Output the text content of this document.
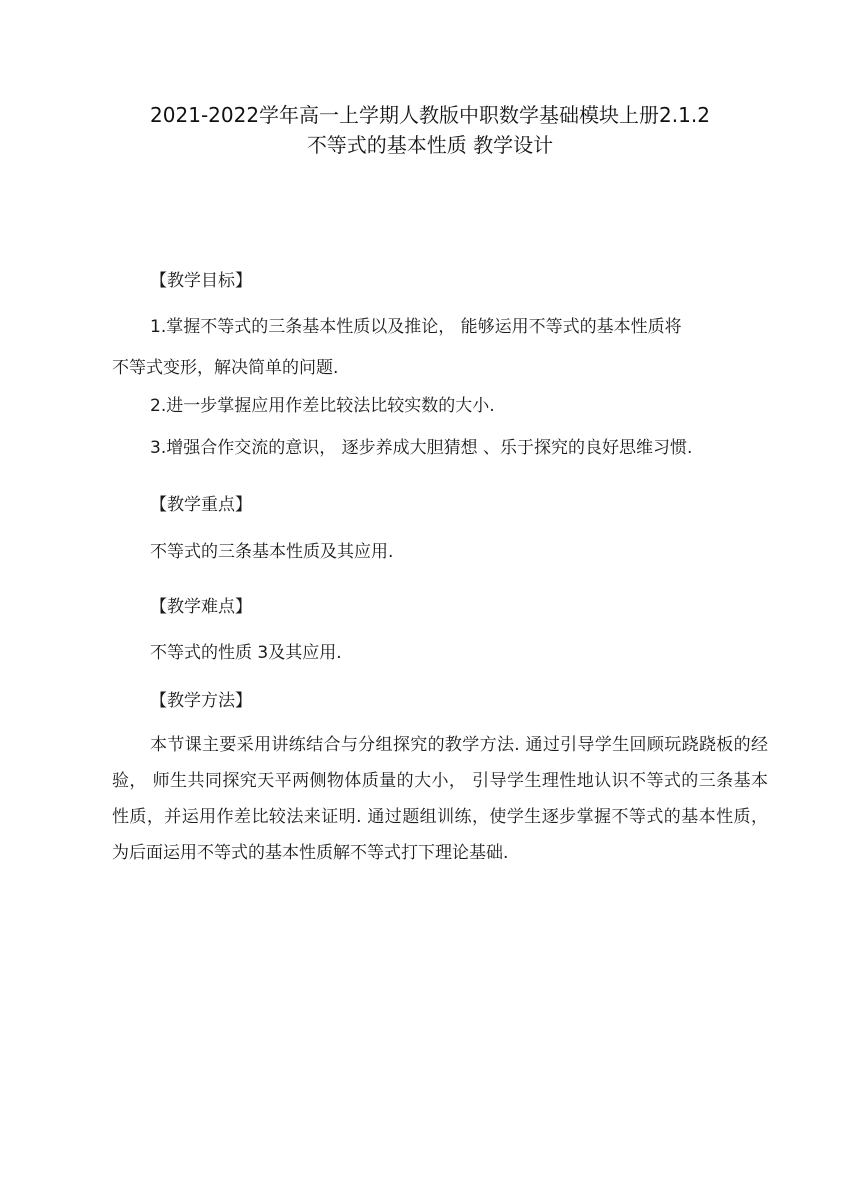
2021-2022学年高一上学期人教版中职数学基础模块上册2.1.2
不等式的基本性质 教学设计
【教学目标】
1.掌握不等式的三条基本性质以及推论， 能够运用不等式的基本性质将
不等式变形，解决简单的问题.
2.进一步掌握应用作差比较法比较实数的大小.
3.增强合作交流的意识， 逐步养成大胆猜想 、乐于探究的良好思维习惯.
【教学重点】
不等式的三条基本性质及其应用.
【教学难点】
不等式的性质 3及其应用.
【教学方法】
本节课主要采用讲练结合与分组探究的教学方法. 通过引导学生回顾玩跷跷板的经验， 师生共同探究天平两侧物体质量的大小， 引导学生理性地认识不等式的三条基本性质，并运用作差比较法来证明. 通过题组训练，使学生逐步掌握不等式的基本性质， 为后面运用不等式的基本性质解不等式打下理论基础.
